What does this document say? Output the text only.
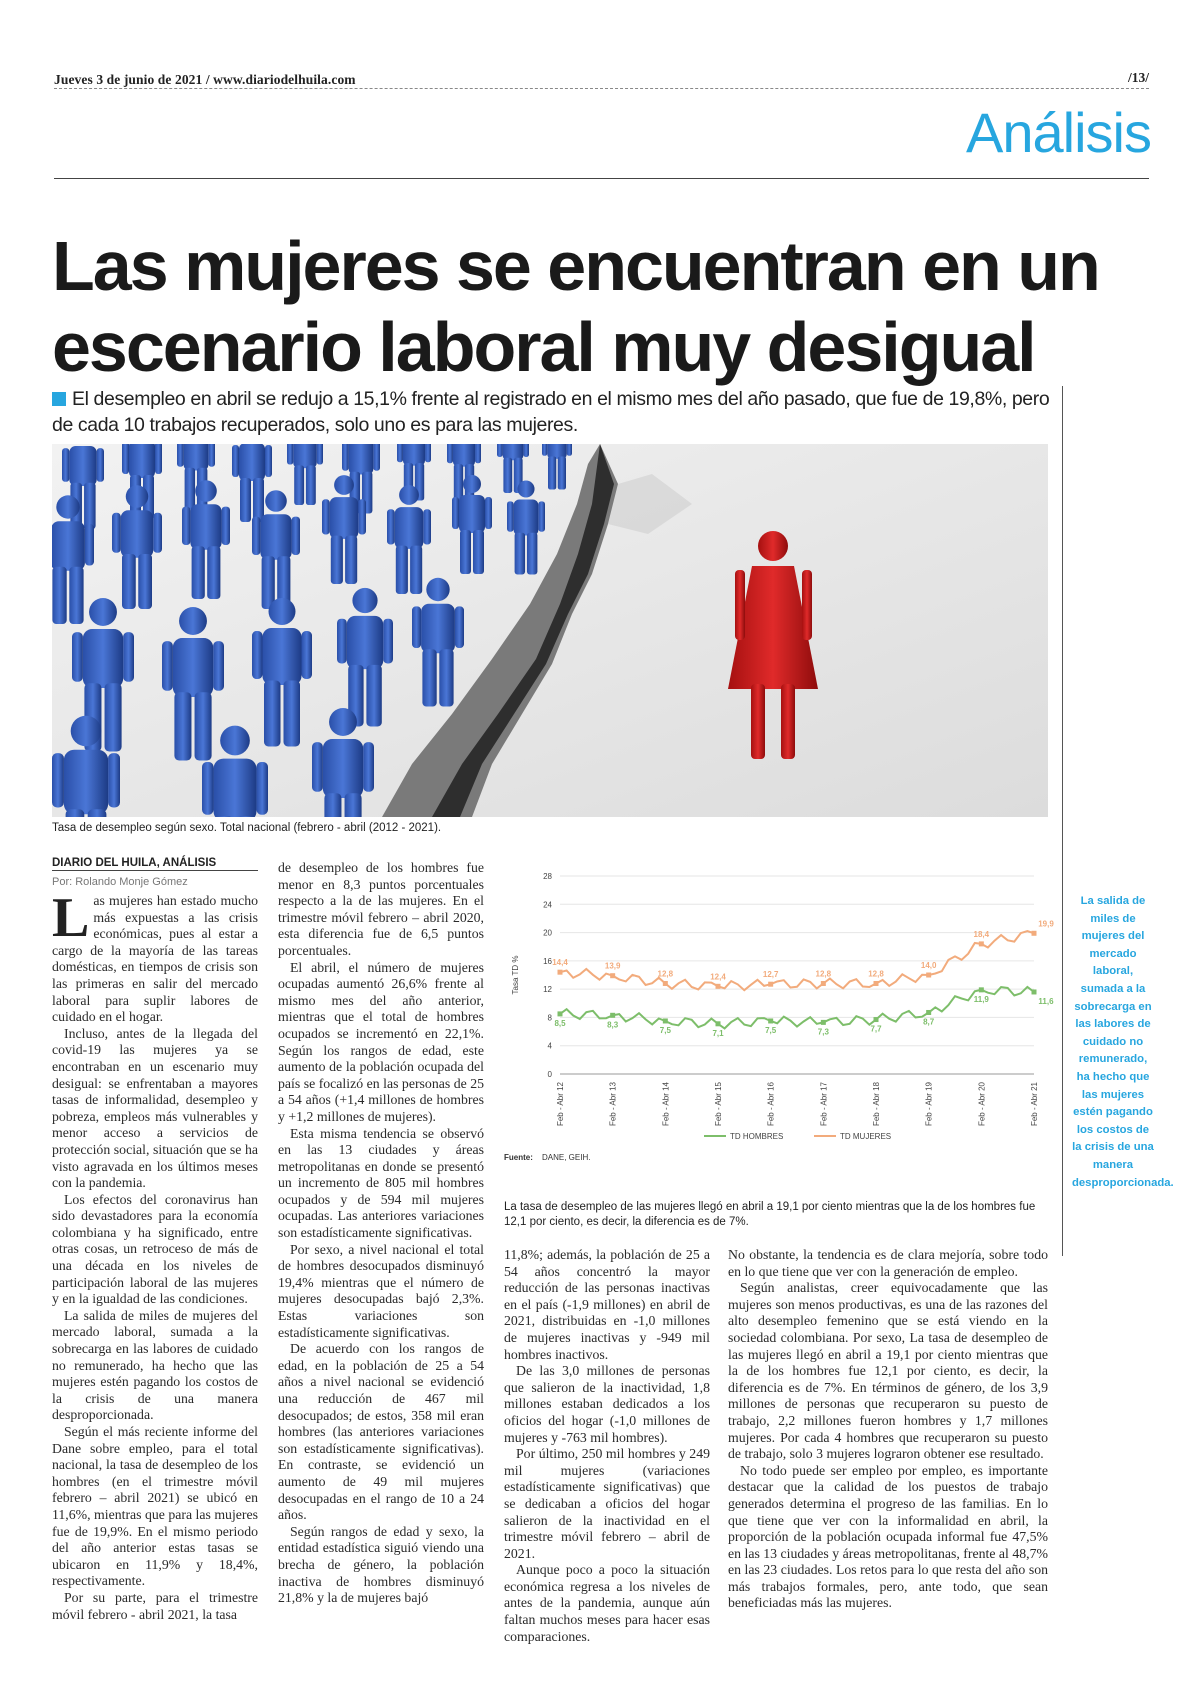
Jueves 3 de junio de 2021 / www.diariodelhuila.com	/13/
Análisis
Las mujeres se encuentran en un escenario laboral muy desigual
El desempleo en abril se redujo a 15,1% frente al registrado en el mismo mes del año pasado, que fue de 19,8%, pero de cada 10 trabajos recuperados, solo uno es para las mujeres.
Tasa de desempleo según sexo. Total nacional (febrero - abril (2012 - 2021).
DIARIO DEL HUILA, ANÁLISIS
Por: Rolando Monje Gómez

Las mujeres han estado mucho más expuestas a las crisis económicas, pues al estar a cargo de la mayoría de las tareas domésticas, en tiempos de crisis son las primeras en salir del mercado laboral para suplir labores de cuidado en el hogar.

Incluso, antes de la llegada del covid-19 las mujeres ya se encontraban en un escenario muy desigual: se enfrentaban a mayores tasas de informalidad, desempleo y pobreza, empleos más vulnerables y menor acceso a servicios de protección social, situación que se ha visto agravada en los últimos meses con la pandemia.

Los efectos del coronavirus han sido devastadores para la economía colombiana y ha significado, entre otras cosas, un retroceso de más de una década en los niveles de participación laboral de las mujeres y en la igualdad de las condiciones.

La salida de miles de mujeres del mercado laboral, sumada a la sobrecarga en las labores de cuidado no remunerado, ha hecho que las mujeres estén pagando los costos de la crisis de una manera desproporcionada.

Según el más reciente informe del Dane sobre empleo, para el total nacional, la tasa de desempleo de los hombres (en el trimestre móvil febrero – abril 2021) se ubicó en 11,6%, mientras que para las mujeres fue de 19,9%. En el mismo periodo del año anterior estas tasas se ubicaron en 11,9% y 18,4%, respectivamente.

Por su parte, para el trimestre móvil febrero - abril 2021, la tasa

de desempleo de los hombres fue menor en 8,3 puntos porcentuales respecto a la de las mujeres. En el trimestre móvil febrero – abril 2020, esta diferencia fue de 6,5 puntos porcentuales.

El abril, el número de mujeres ocupadas aumentó 26,6% frente al mismo mes del año anterior, mientras que el total de hombres ocupados se incrementó en 22,1%. Según los rangos de edad, este aumento de la población ocupada del país se focalizó en las personas de 25 a 54 años (+1,4 millones de hombres y +1,2 millones de mujeres).

Esta misma tendencia se observó en las 13 ciudades y áreas metropolitanas en donde se presentó un incremento de 805 mil hombres ocupados y de 594 mil mujeres ocupadas. Las anteriores variaciones son estadísticamente significativas.

Por sexo, a nivel nacional el total de hombres desocupados disminuyó 19,4% mientras que el número de mujeres desocupadas bajó 2,3%. Estas variaciones son estadísticamente significativas.

De acuerdo con los rangos de edad, en la población de 25 a 54 años a nivel nacional se evidenció una reducción de 467 mil desocupados; de estos, 358 mil eran hombres (las anteriores variaciones son estadísticamente significativas). En contraste, se evidenció un aumento de 49 mil mujeres desocupadas en el rango de 10 a 24 años.

Según rangos de edad y sexo, la entidad estadística siguió viendo una brecha de género, la población inactiva de hombres disminuyó 21,8% y la de mujeres bajó

0
4
8
12
16
20
24
28
Tasa TD %
Feb - Abr 12	Feb - Abr 13	Feb - Abr 14	Feb - Abr 15	Feb - Abr 16	Feb - Abr 17	Feb - Abr 18	Feb - Abr 19	Feb - Abr 20	Feb - Abr 21
8,5	8,3
7,5	7,1	7,5	7,3	7,7
8,7
11,9	11,6
14,4	13,9
12,8	12,4	12,7	12,8	12,8
14,0
18,4
19,9
TD HOMBRES	TD MUJERES
Fuente: DANE, GEIH.
La tasa de desempleo de las mujeres llegó en abril a 19,1 por ciento mientras que la de los hombres fue 12,1 por ciento, es decir, la diferencia es de 7%.

11,8%; además, la población de 25 a 54 años concentró la mayor reducción de las personas inactivas en el país (-1,9 millones) en abril de 2021, distribuidas en -1,0 millones de mujeres inactivas y -949 mil hombres inactivos.

De las 3,0 millones de personas que salieron de la inactividad, 1,8 millones estaban dedicados a los oficios del hogar (-1,0 millones de mujeres y -763 mil hombres).

Por último, 250 mil hombres y 249 mil mujeres (variaciones estadísticamente significativas) que se dedicaban a oficios del hogar salieron de la inactividad en el trimestre móvil febrero – abril de 2021.

Aunque poco a poco la situación económica regresa a los niveles de antes de la pandemia, aunque aún faltan muchos meses para hacer esas comparaciones.

No obstante, la tendencia es de clara mejoría, sobre todo en lo que tiene que ver con la generación de empleo.

Según analistas, creer equivocadamente que las mujeres son menos productivas, es una de las razones del alto desempleo femenino que se está viendo en la sociedad colombiana. Por sexo, La tasa de desempleo de las mujeres llegó en abril a 19,1 por ciento mientras que la de los hombres fue 12,1 por ciento, es decir, la diferencia es de 7%. En términos de género, de los 3,9 millones de personas que recuperaron su puesto de trabajo, 2,2 millones fueron hombres y 1,7 millones mujeres. Por cada 4 hombres que recuperaron su puesto de trabajo, solo 3 mujeres lograron obtener ese resultado.

No todo puede ser empleo por empleo, es importante destacar que la calidad de los puestos de trabajo generados determina el progreso de las familias. En lo que tiene que ver con la informalidad en abril, la proporción de la población ocupada informal fue 47,5% en las 13 ciudades y áreas metropolitanas, frente al 48,7% en las 23 ciudades. Los retos para lo que resta del año son más trabajos formales, pero, ante todo, que sean beneficiadas más las mujeres.

La salida de miles de mujeres del mercado laboral, sumada a la sobrecarga en las labores de cuidado no remunerado, ha hecho que las mujeres estén pagando los costos de la crisis de una manera desproporcionada.
